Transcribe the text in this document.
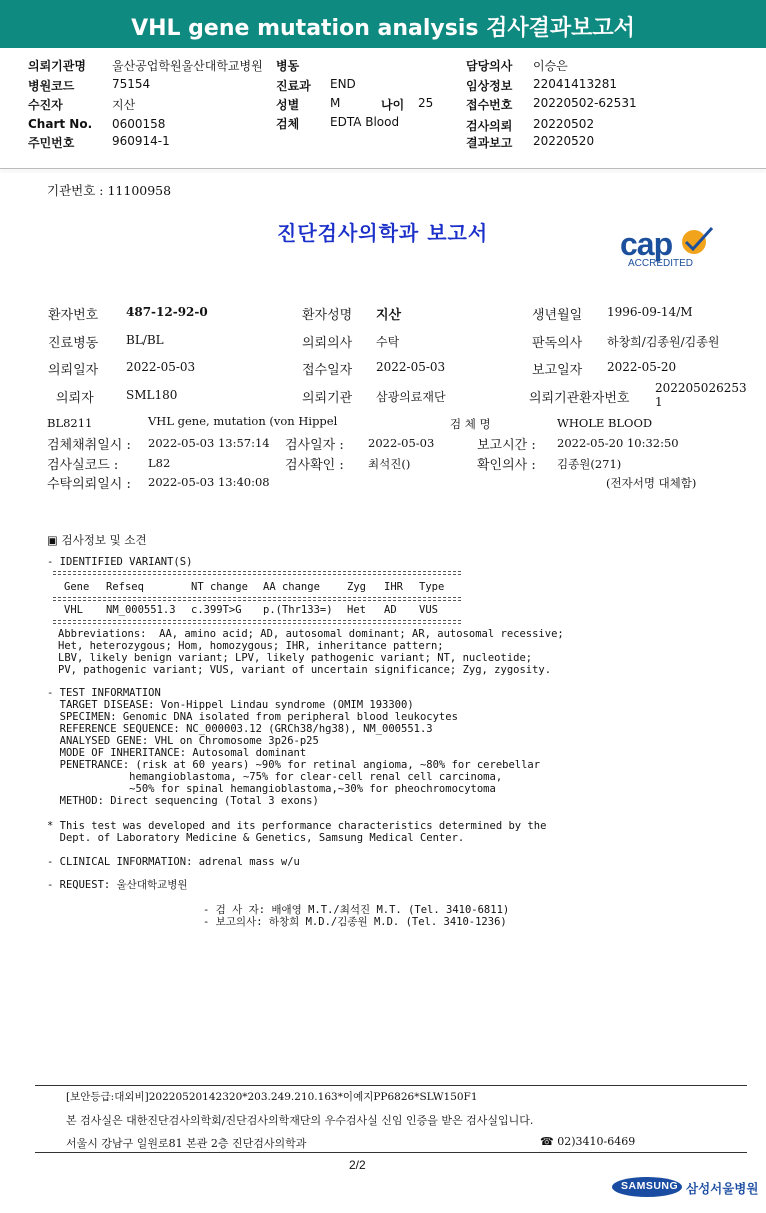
VHL gene mutation analysis 검사결과보고서
의뢰기관명 울산공업학원울산대학교병원
병원코드	75154
수진자	지산
Chart No. 0600158
주민번호	960914-1
병동
진료과 END
성별	M	나이 25
검체	EDTA Blood
담당의사 이승은
임상정보 22041413281
접수번호 20220502-62531
검사의뢰 20220502
결과보고 20220520
기관번호 : 11100958
진단검사의학과 보고서	cap
ACCREDITED
환자번호 487-12-92-0	환자성명 지산	생년월일 1996-09-14/M
진료병동 BL/BL	의뢰의사 수탁	판독의사 하창희/김종원/김종원
의뢰일자 2022-05-03	접수일자 2022-05-03	보고일자 2022-05-20
의뢰자	SML180	의뢰기관 삼광의료재단	의뢰기관환자번호
202205026253
1
BL8211	VHL gene, mutation (von Hippel	검 체 명	WHOLE BLOOD
검체채취일시 : 2022-05-03 13:57:14 검사일자 : 2022-05-03	보고시간 : 2022-05-20 10:32:50
검사실코드 :	L82	검사확인 : 최석진()	확인의사 : 김종원(271)
수탁의뢰일시 : 2022-05-03 13:40:08	(전자서명 대체함)
▣ 검사정보 및 소견
- IDENTIFIED VARIANT(S)
Gene Refseq	NT change AA change	Zyg IHR Type
VHL NM_000551.3 c.399T>G p.(Thr133=) Het AD VUS
Abbreviations:  AA, amino acid; AD, autosomal dominant; AR, autosomal recessive;
Het, heterozygous; Hom, homozygous; IHR, inheritance pattern;
LBV, likely benign variant; LPV, likely pathogenic variant; NT, nucleotide;
PV, pathogenic variant; VUS, variant of uncertain significance; Zyg, zygosity.
- TEST INFORMATION
TARGET DISEASE: Von-Hippel Lindau syndrome (OMIM 193300)
SPECIMEN: Genomic DNA isolated from peripheral blood leukocytes
REFERENCE SEQUENCE: NC_000003.12 (GRCh38/hg38), NM_000551.3
ANALYSED GENE: VHL on Chromosome 3p26-p25
MODE OF INHERITANCE: Autosomal dominant
PENETRANCE: (risk at 60 years) ~90% for retinal angioma, ~80% for cerebellar
hemangioblastoma, ~75% for clear-cell renal cell carcinoma,
~50% for spinal hemangioblastoma,~30% for pheochromocytoma
METHOD: Direct sequencing (Total 3 exons)
* This test was developed and its performance characteristics determined by the
Dept. of Laboratory Medicine & Genetics, Samsung Medical Center.
- CLINICAL INFORMATION: adrenal mass w/u
- REQUEST: 울산대학교병원
- 검 사 자: 배애영 M.T./최석진 M.T. (Tel. 3410-6811)
- 보고의사: 하창희 M.D./김종원 M.D. (Tel. 3410-1236)
[보안등급:대외비]20220520142320*203.249.210.163*이예지PP6826*SLW150F1
본 검사실은 대한진단검사의학회/진단검사의학재단의 우수검사실 신임 인증을 받은 검사실입니다.
서울시 강남구 일원로81 본관 2층 진단검사의학과	☎ 02)3410-6469
2/2
SAMSUNG 삼성서울병원
